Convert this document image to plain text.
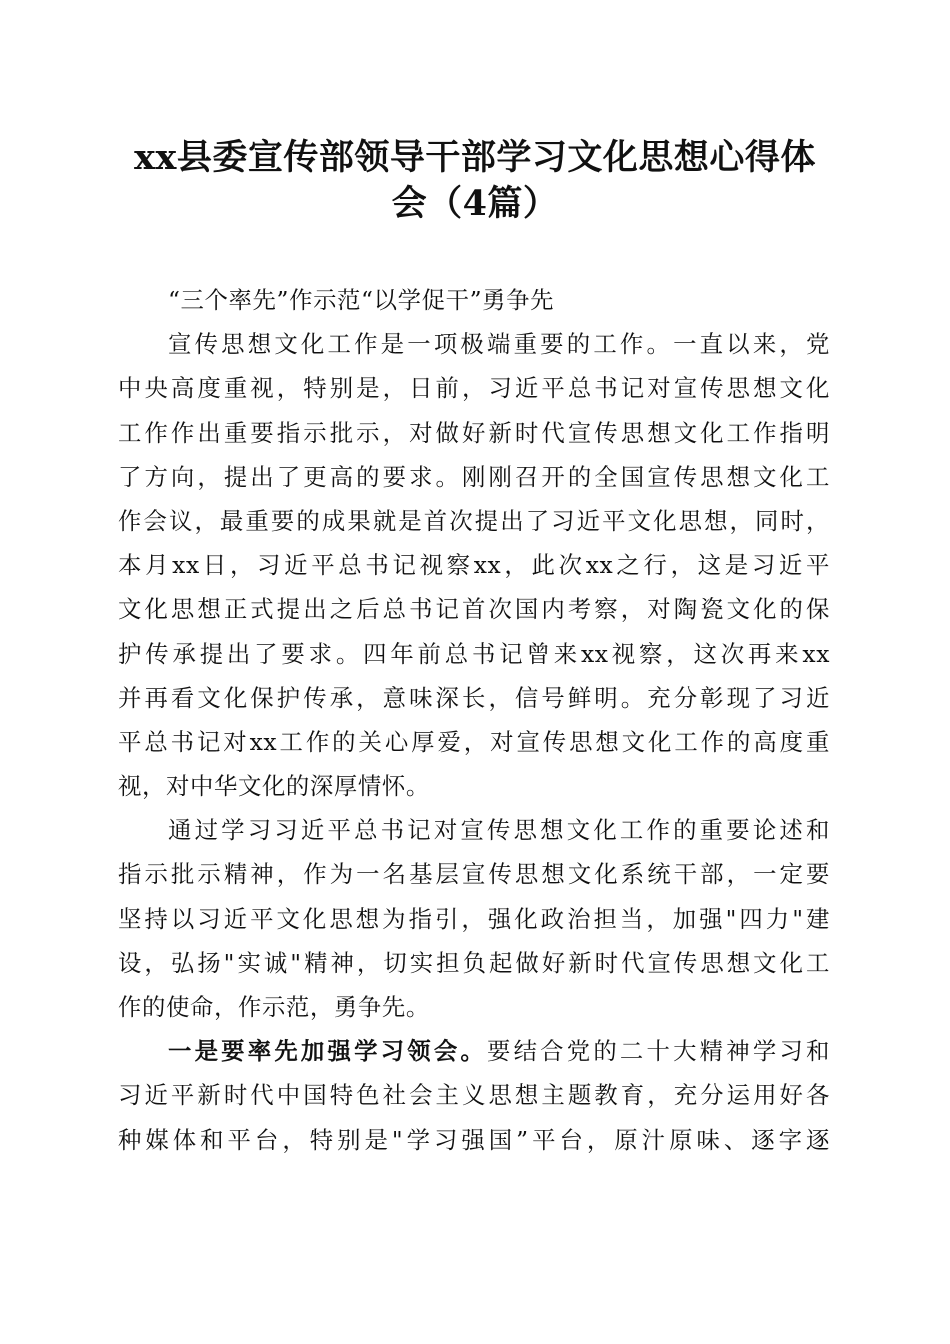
xx县委宣传部领导干部学习文化思想心得体
会（4篇）
“三个率先”作示范“以学促干”勇争先

宣传思想文化工作是一项极端重要的工作。一直以来，党
中央高度重视，特别是，日前，习近平总书记对宣传思想文化
工作作出重要指示批示，对做好新时代宣传思想文化工作指明
了方向，提出了更高的要求。刚刚召开的全国宣传思想文化工
作会议，最重要的成果就是首次提出了习近平文化思想，同时，
本月xx日，习近平总书记视察xx，此次xx之行，这是习近平
文化思想正式提出之后总书记首次国内考察，对陶瓷文化的保
护传承提出了要求。四年前总书记曾来xx视察，这次再来xx
并再看文化保护传承，意味深长，信号鲜明。充分彰现了习近
平总书记对xx工作的关心厚爱，对宣传思想文化工作的高度重
视，对中华文化的深厚情怀。

通过学习习近平总书记对宣传思想文化工作的重要论述和
指示批示精神，作为一名基层宣传思想文化系统干部，一定要
坚持以习近平文化思想为指引，强化政治担当，加强"四力"建
设，弘扬"实诚"精神，切实担负起做好新时代宣传思想文化工
作的使命，作示范，勇争先。

一是要率先加强学习领会。要结合党的二十大精神学习和
习近平新时代中国特色社会主义思想主题教育，充分运用好各
种媒体和平台，特别是"学习强国”平台，原汁原味、逐字逐
